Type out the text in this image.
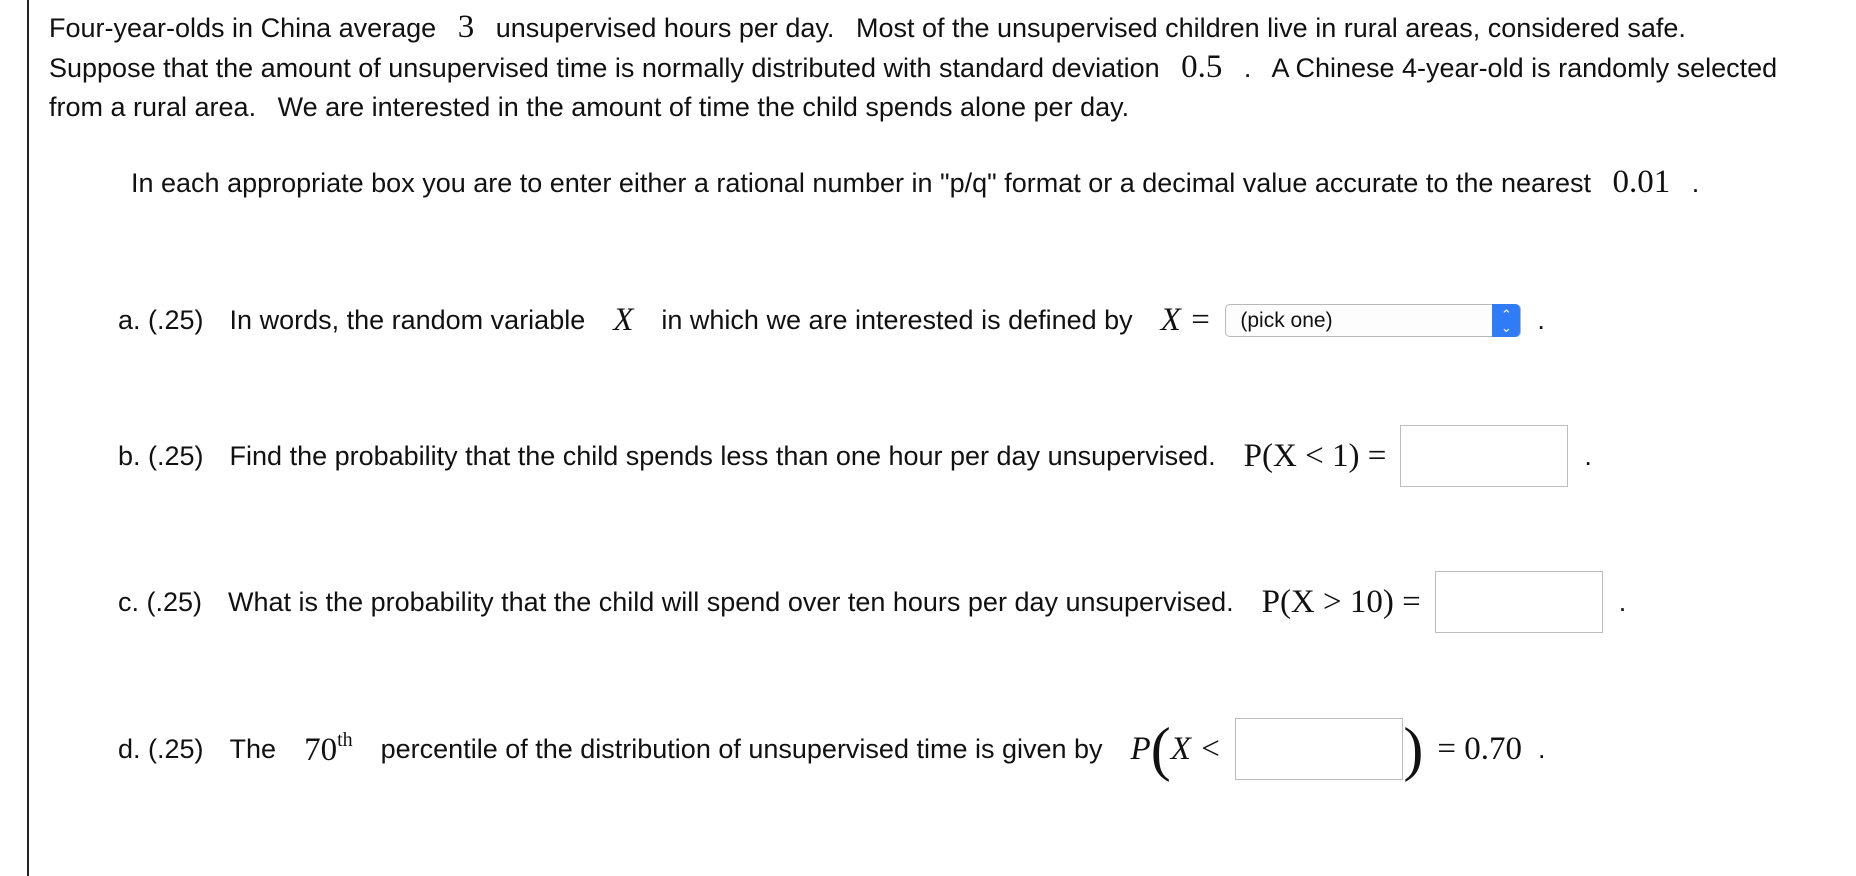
Four-year-olds in China average 3 unsupervised hours per day. Most of the unsupervised children live in rural areas, considered safe.
Suppose that the amount of unsupervised time is normally distributed with standard deviation 0.5 . A Chinese 4-year-old is randomly selected
from a rural area. We are interested in the amount of time the child spends alone per day.
In each appropriate box you are to enter either a rational number in "p/q" format or a decimal value accurate to the nearest 0.01 .
a. (.25) In words, the random variable X in which we are interested is defined by X = (pick one)	⌃
⌄ .
b. (.25) Find the probability that the child spends less than one hour per day unsupervised. P(X < 1) =	.
c. (.25) What is the probability that the child will spend over ten hours per day unsupervised. P(X > 10) =	.
d. (.25) The 70th percentile of the distribution of unsupervised time is given by P ( X <	) = 0.70 .
